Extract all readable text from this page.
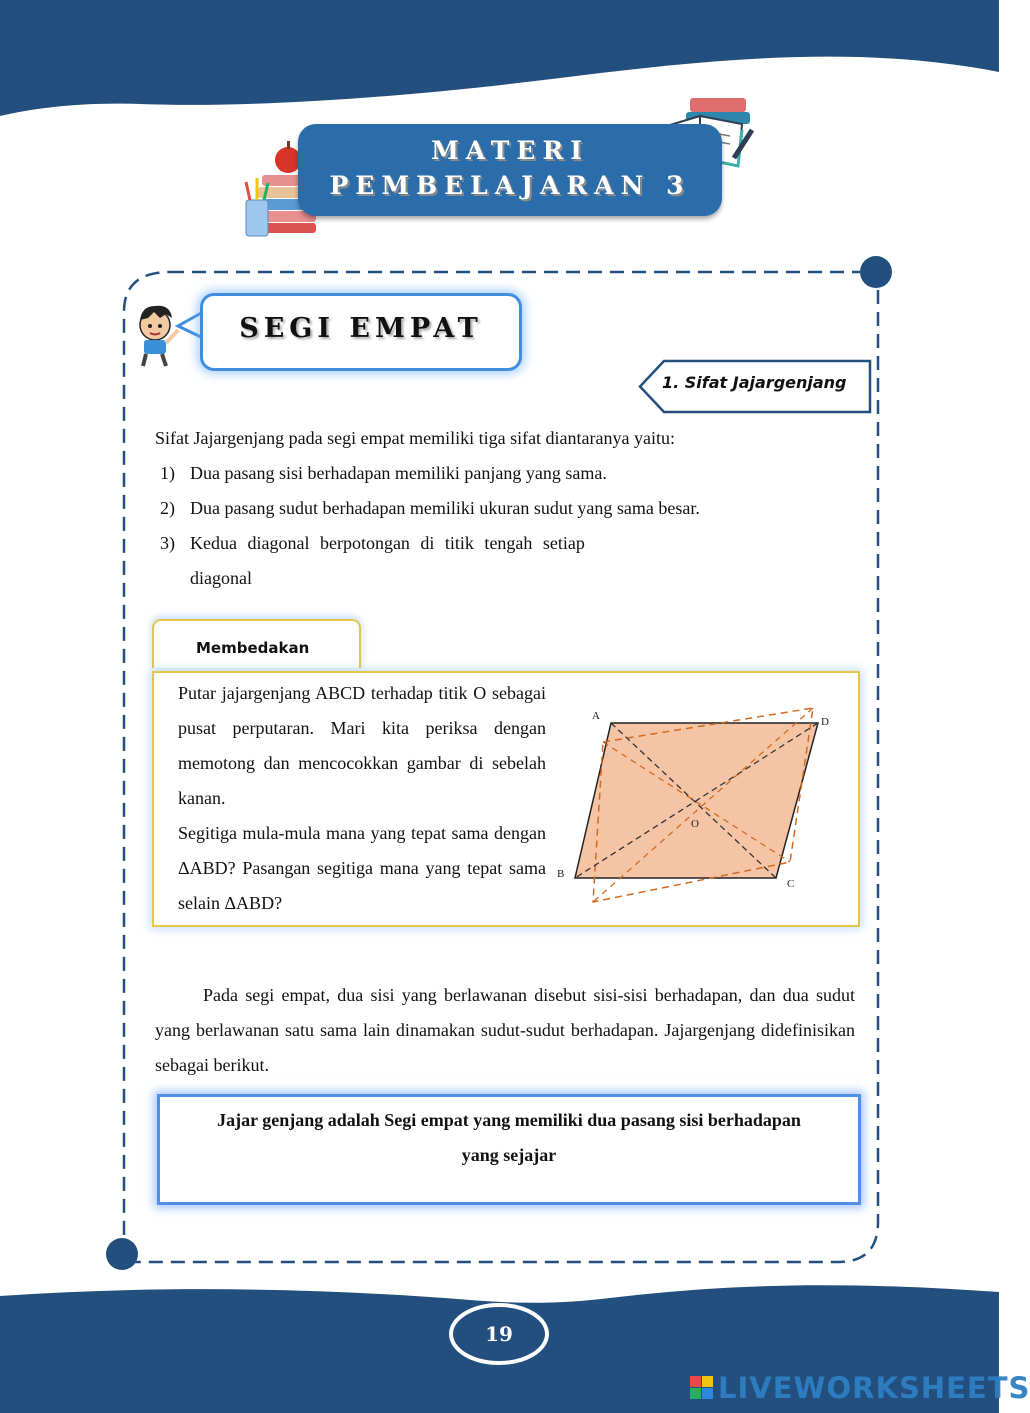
MATERI
PEMBELAJARAN 3
SEGI EMPAT
1. Sifat Jajargenjang
Sifat Jajargenjang pada segi empat memiliki tiga sifat diantaranya yaitu:
1) Dua pasang sisi berhadapan memiliki panjang yang sama.
2) Dua pasang sudut berhadapan memiliki ukuran sudut yang sama besar.
3) Kedua diagonal berpotongan di titik tengah setiap
diagonal
Membedakan

Putar jajargenjang ABCD terhadap titik O sebagai pusat perputaran. Mari kita periksa dengan memotong dan mencocokkan gambar di sebelah kanan.

Segitiga mula-mula mana yang tepat sama dengan ΔABD? Pasangan segitiga mana yang tepat sama selain ΔABD?

A	D
B
C
O

Pada segi empat, dua sisi yang berlawanan disebut sisi-sisi berhadapan, dan dua sudut yang berlawanan satu sama lain dinamakan sudut-sudut berhadapan. Jajargenjang didefinisikan sebagai berikut.

Jajar genjang adalah Segi empat yang memiliki dua pasang sisi berhadapan
yang sejajar
19
LIVEWORKSHEETS
